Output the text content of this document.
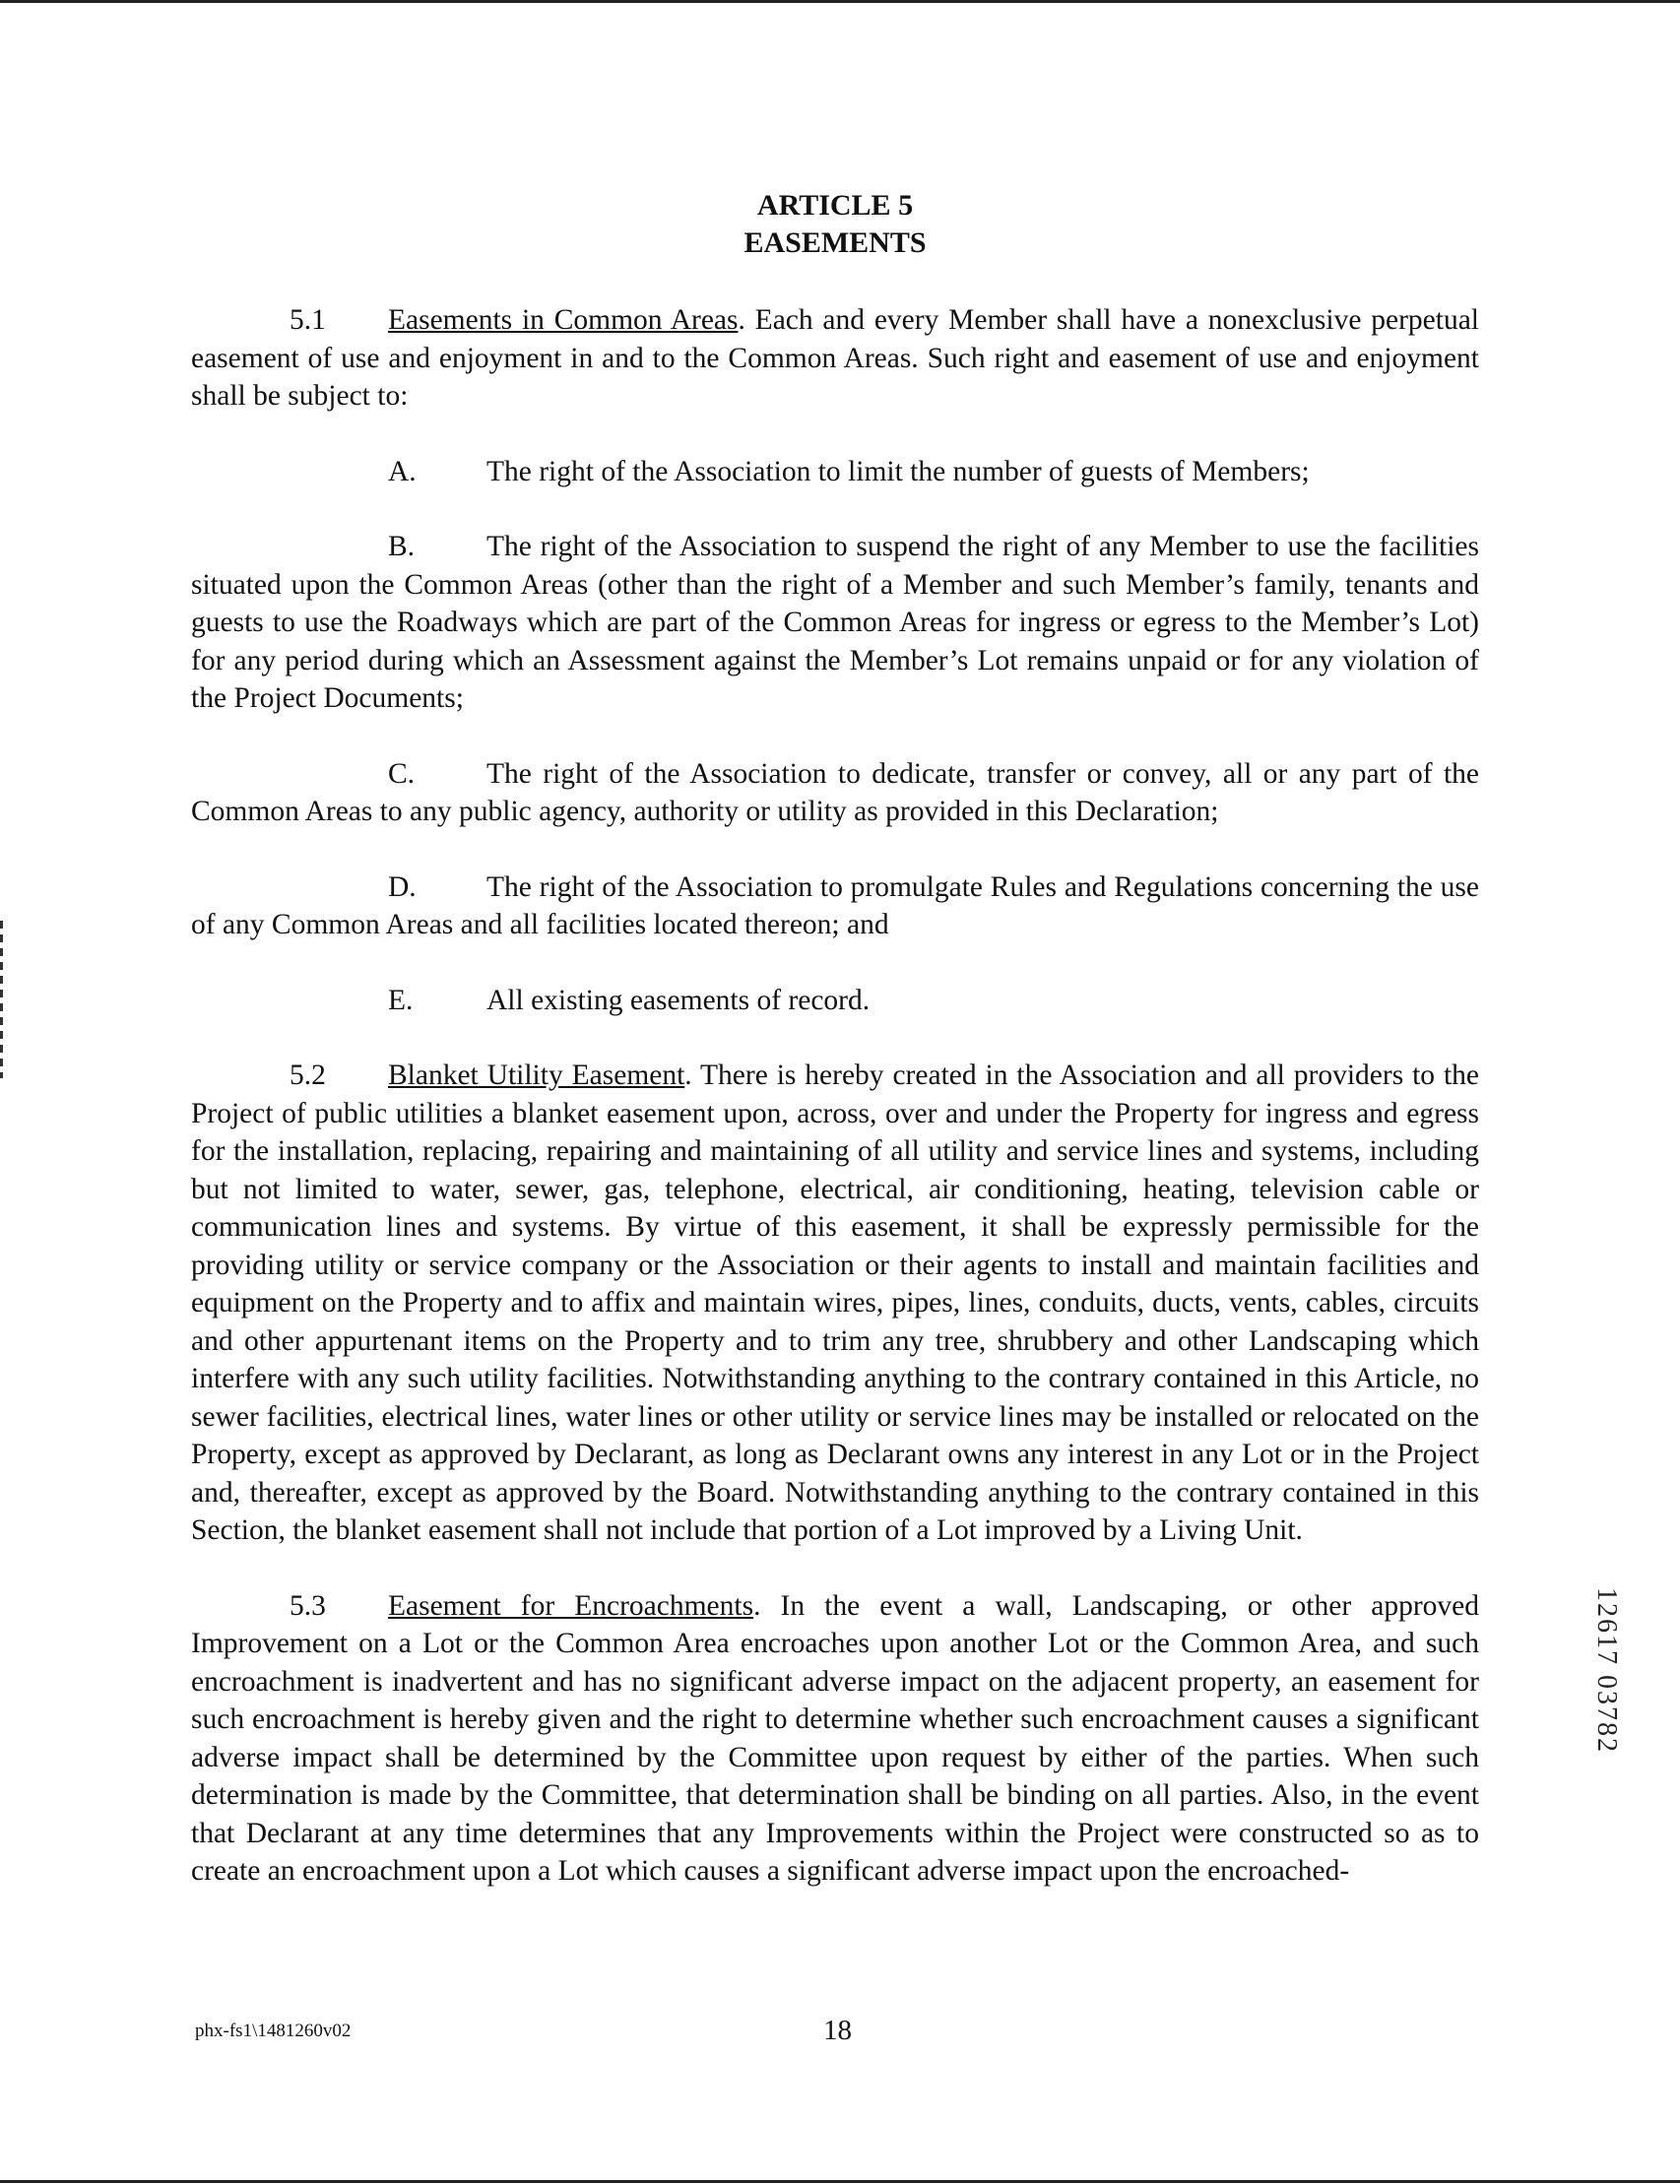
ARTICLE 5
EASEMENTS

5.1 Easements in Common Areas. Each and every Member shall have a nonexclusive perpetual easement of use and enjoyment in and to the Common Areas. Such right and easement of use and enjoyment shall be subject to:

A. The right of the Association to limit the number of guests of Members;

B. The right of the Association to suspend the right of any Member to use the facilities situated upon the Common Areas (other than the right of a Member and such Member’s family, tenants and guests to use the Roadways which are part of the Common Areas for ingress or egress to the Member’s Lot) for any period during which an Assessment against the Member’s Lot remains unpaid or for any violation of the Project Documents;

C. The right of the Association to dedicate, transfer or convey, all or any part of the Common Areas to any public agency, authority or utility as provided in this Declaration;

D. The right of the Association to promulgate Rules and Regulations concerning the use of any Common Areas and all facilities located thereon; and

E.	All existing easements of record.

5.2 Blanket Utility Easement. There is hereby created in the Association and all providers to the Project of public utilities a blanket easement upon, across, over and under the Property for ingress and egress for the installation, replacing, repairing and maintaining of all utility and service lines and systems, including but not limited to water, sewer, gas, telephone, electrical, air conditioning, heating, television cable or communication lines and systems. By virtue of this easement, it shall be expressly permissible for the providing utility or service company or the Association or their agents to install and maintain facilities and equipment on the Property and to affix and maintain wires, pipes, lines, conduits, ducts, vents, cables, circuits and other appurtenant items on the Property and to trim any tree, shrubbery and other Landscaping which interfere with any such utility facilities. Notwithstanding anything to the contrary contained in this Article, no sewer facilities, electrical lines, water lines or other utility or service lines may be installed or relocated on the Property, except as approved by Declarant, as long as Declarant owns any interest in any Lot or in the Project and, thereafter, except as approved by the Board. Notwithstanding anything to the contrary contained in this Section, the blanket easement shall not include that portion of a Lot improved by a Living Unit.

5.3 Easement for Encroachments. In the event a wall, Landscaping, or other approved Improvement on a Lot or the Common Area encroaches upon another Lot or the Common Area, and such encroachment is inadvertent and has no significant adverse impact on the adjacent property, an easement for such encroachment is hereby given and the right to determine whether such encroachment causes a significant adverse impact shall be determined by the Committee upon request by either of the parties. When such determination is made by the Committee, that determination shall be binding on all parties. Also, in the event that Declarant at any time determines that any Improvements within the Project were constructed so as to create an encroachment upon a Lot which causes a significant adverse impact upon the encroached-

12617 03782
phx-fs1\1481260v02	18
